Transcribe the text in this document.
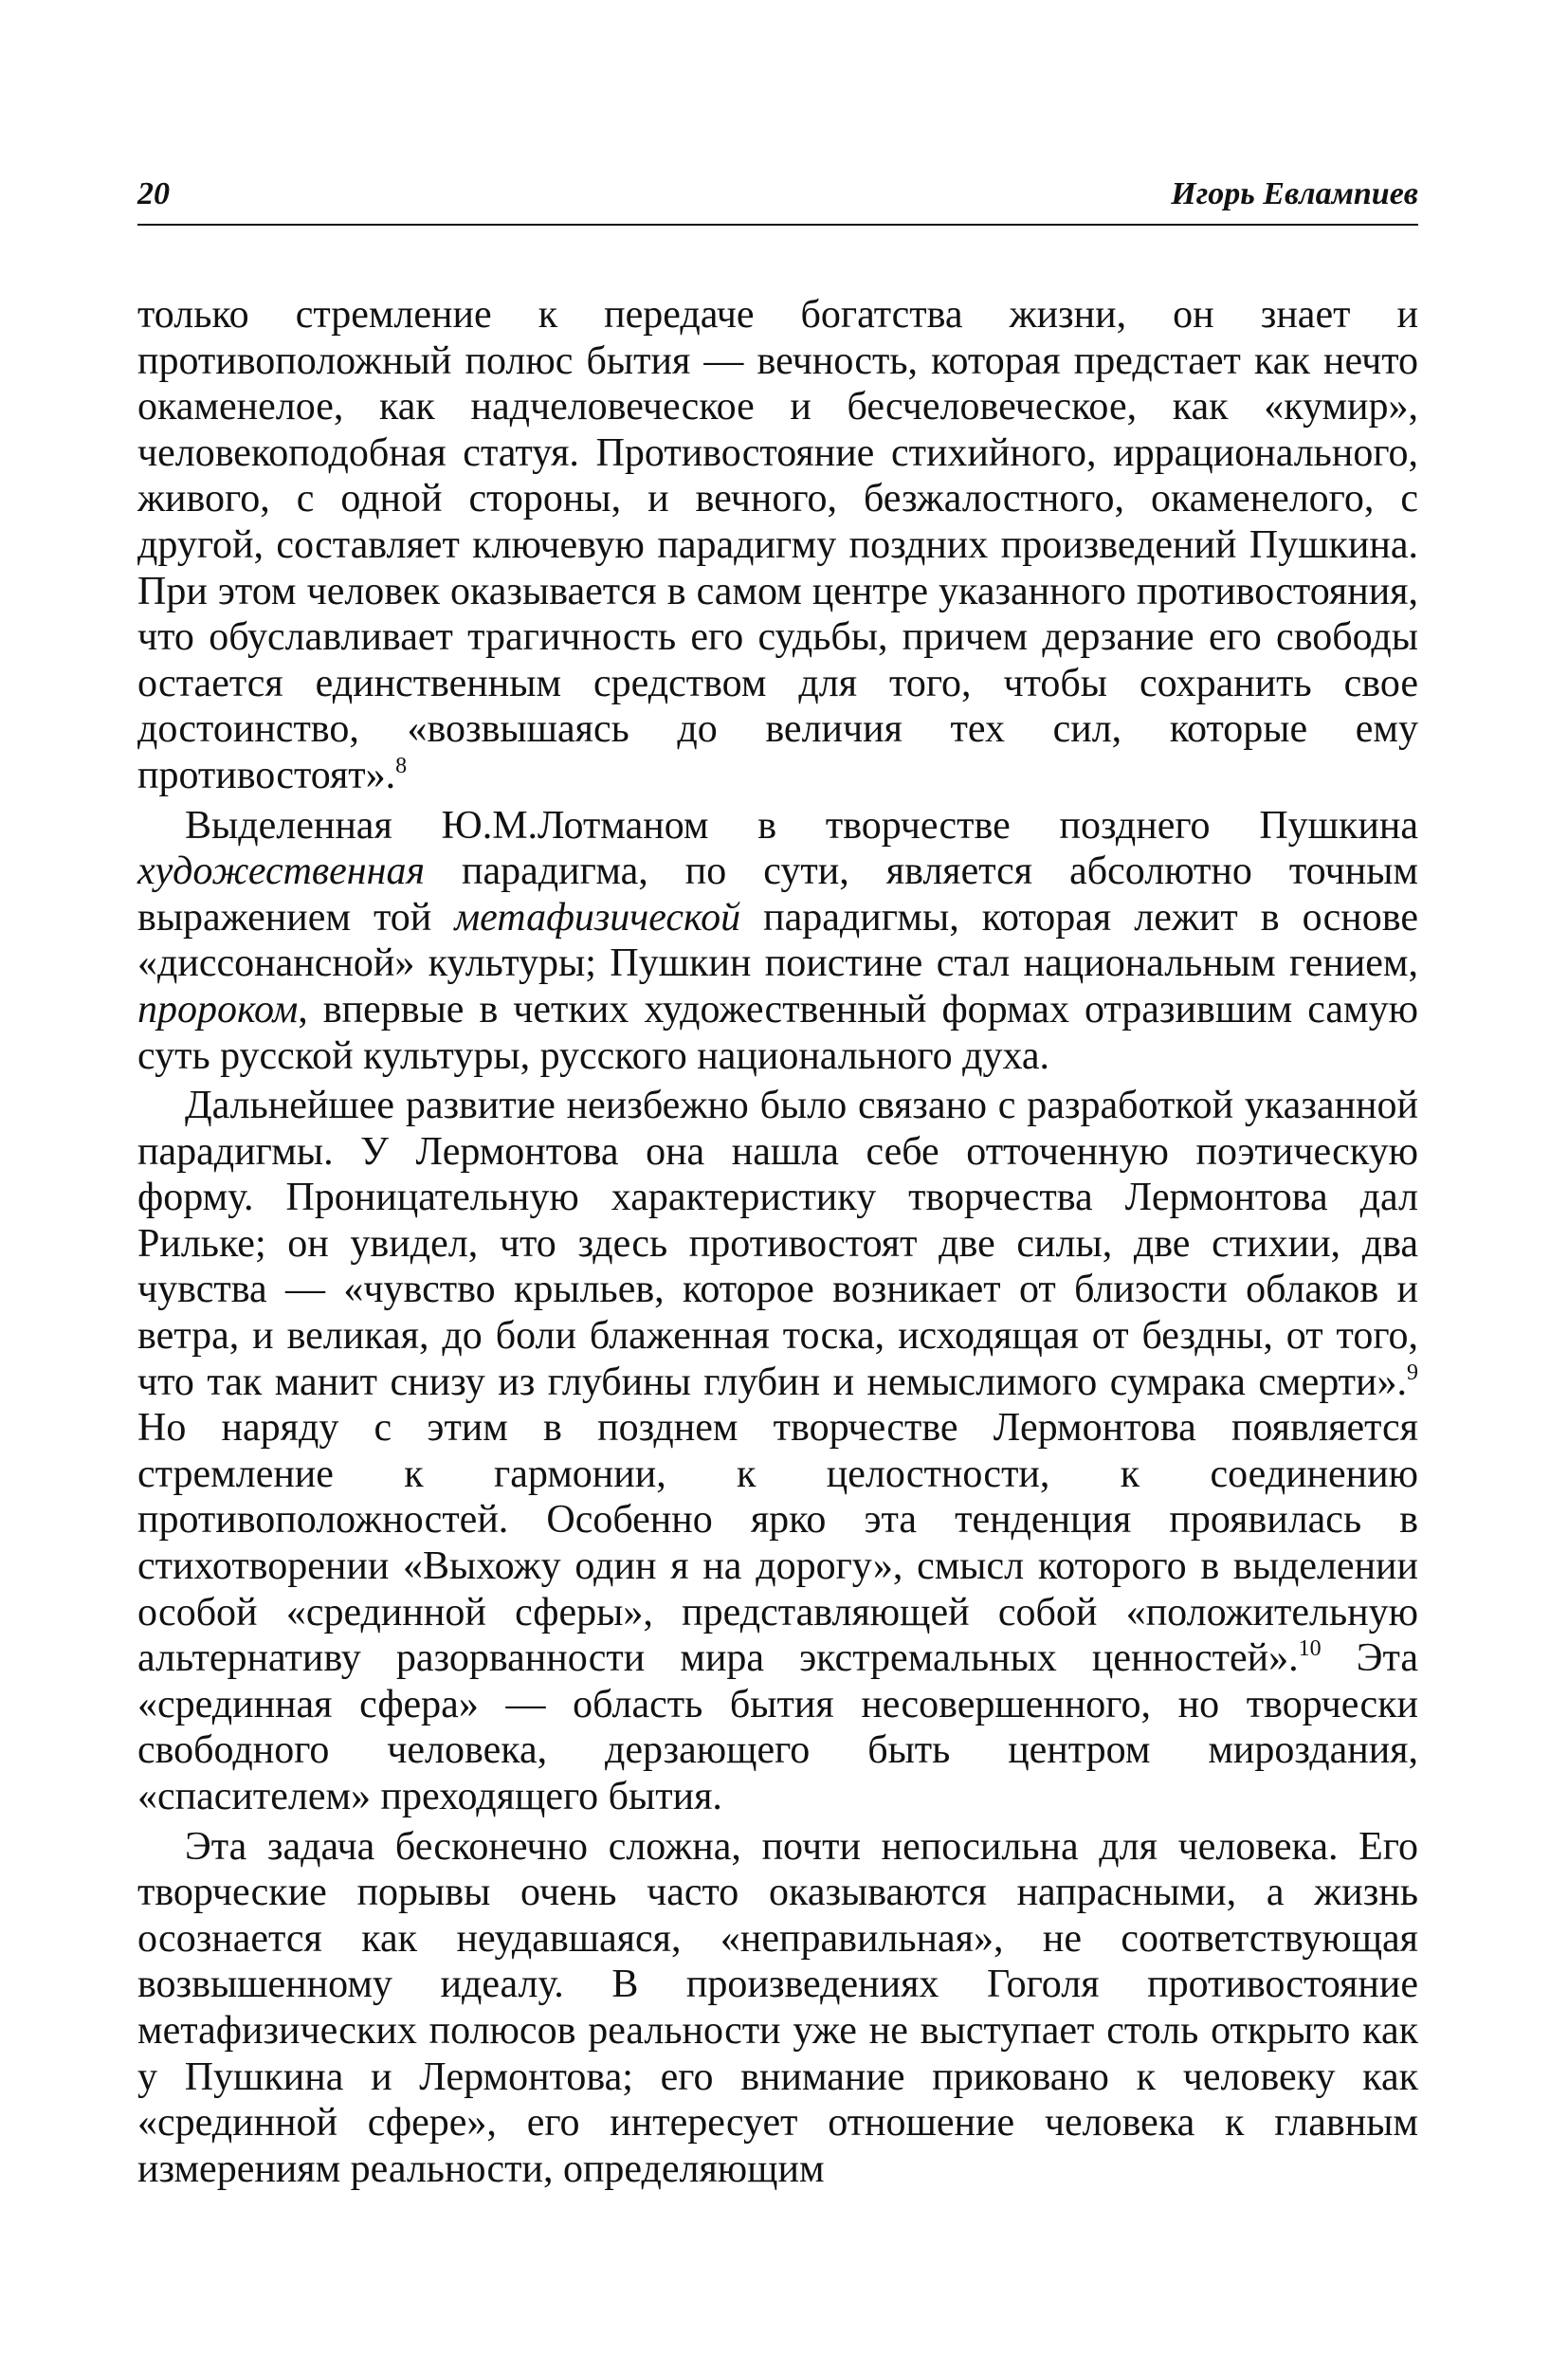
20	Игорь Евлампиев

только стремление к передаче богатства жизни, он знает и противоположный полюс бытия — вечность, которая предстает как нечто окаменелое, как надчеловеческое и бесчеловеческое, как «кумир», человекоподобная статуя. Противостояние стихийного, иррационального, живого, с одной стороны, и вечного, безжалостного, окаменелого, с другой, составляет ключевую парадигму поздних произведений Пушкина. При этом человек оказывается в самом центре указанного противостояния, что обуславливает трагичность его судьбы, причем дерзание его свободы остается единственным средством для того, чтобы сохранить свое достоинство, «возвышаясь до величия тех сил, которые ему противостоят».$^8$

Выделенная Ю.М.Лотманом в творчестве позднего Пушкина художественная парадигма, по сути, является абсолютно точным выражением той метафизической парадигмы, которая лежит в основе «диссонансной» культуры; Пушкин поистине стал национальным гением, пророком, впервые в четких художественный формах отразившим самую суть русской культуры, русского национального духа.

Дальнейшее развитие неизбежно было связано с разработкой указанной парадигмы. У Лермонтова она нашла себе отточенную поэтическую форму. Проницательную характеристику творчества Лермонтова дал Рильке; он увидел, что здесь противостоят две силы, две стихии, два чувства — «чувство крыльев, которое возникает от близости облаков и ветра, и великая, до боли блаженная тоска, исходящая от бездны, от того, что так манит снизу из глубины глубин и немыслимого сумрака смерти».$^9$ Но наряду с этим в позднем творчестве Лермонтова появляется стремление к гармонии, к целостности, к соединению противоположностей. Особенно ярко эта тенденция проявилась в стихотворении «Выхожу один я на дорогу», смысл которого в выделении особой «срединной сферы», представляющей собой «положительную альтернативу разорванности мира экстремальных ценностей».$^{10}$ Эта «срединная сфера» — область бытия несовершенного, но творчески свободного человека, дерзающего быть центром мироздания, «спасителем» преходящего бытия.

Эта задача бесконечно сложна, почти непосильна для человека. Его творческие порывы очень часто оказываются напрасными, а жизнь осознается как неудавшаяся, «неправильная», не соответствующая возвышенному идеалу. В произведениях Гоголя противостояние метафизических полюсов реальности уже не выступает столь открыто как у Пушкина и Лермонтова; его внимание приковано к человеку как «срединной сфере», его интересует отношение человека к главным измерениям реальности, определяющим
